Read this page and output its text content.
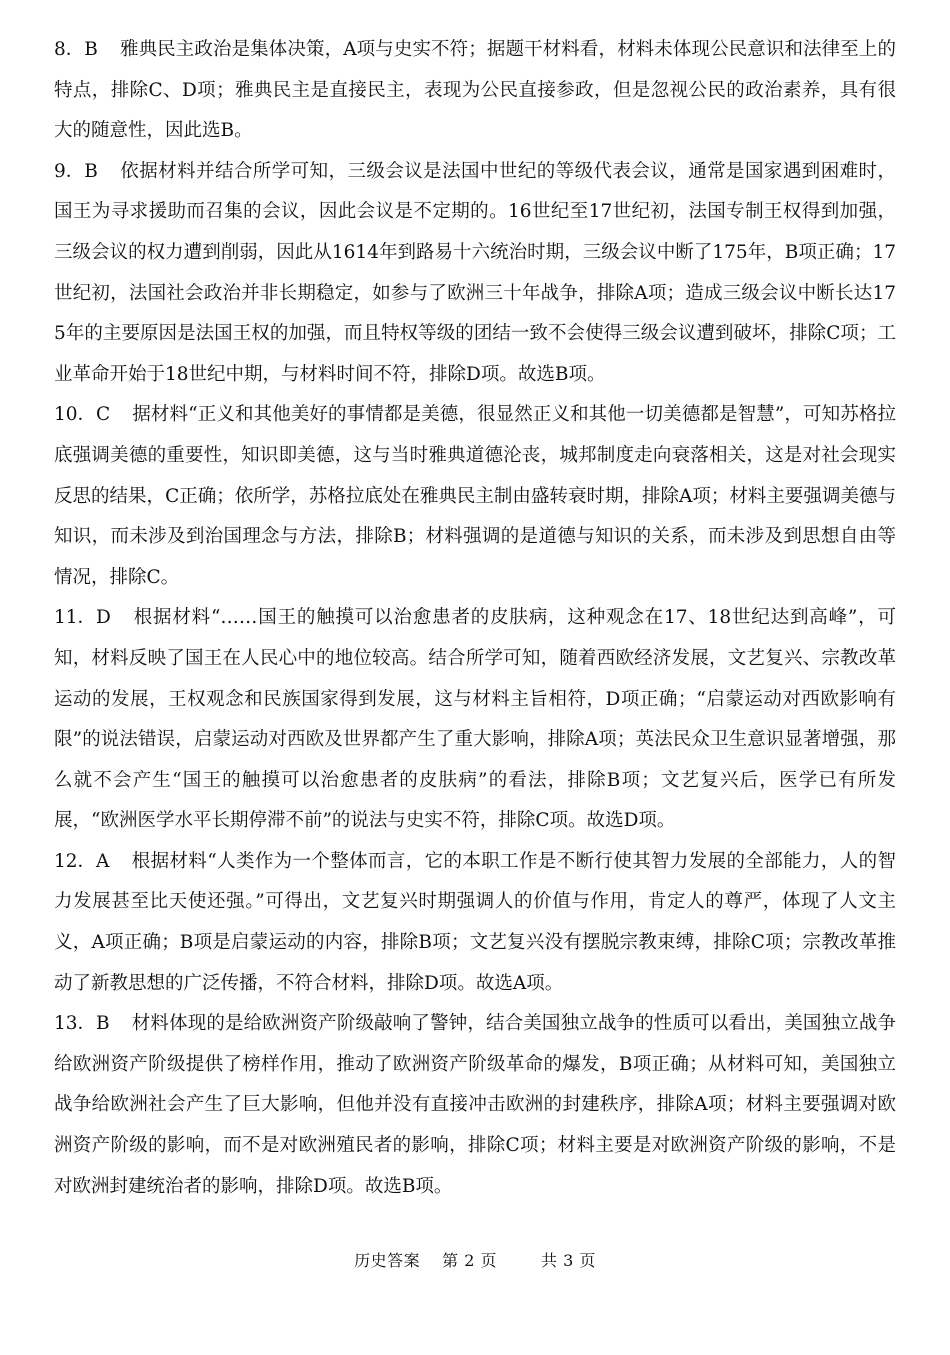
8．B 雅典民主政治是集体决策，A项与史实不符；据题干材料看，材料未体现公民意识和法律至上的特点，排除C、D项；雅典民主是直接民主，表现为公民直接参政，但是忽视公民的政治素养，具有很大的随意性，因此选B。

9．B 依据材料并结合所学可知，三级会议是法国中世纪的等级代表会议，通常是国家遇到困难时，国王为寻求援助而召集的会议，因此会议是不定期的。16世纪至17世纪初，法国专制王权得到加强，三级会议的权力遭到削弱，因此从1614年到路易十六统治时期，三级会议中断了175年，B项正确；17世纪初，法国社会政治并非长期稳定，如参与了欧洲三十年战争，排除A项；造成三级会议中断长达175年的主要原因是法国王权的加强，而且特权等级的团结一致不会使得三级会议遭到破坏，排除C项；工业革命开始于18世纪中期，与材料时间不符，排除D项。故选B项。

10．C 据材料“正义和其他美好的事情都是美德，很显然正义和其他一切美德都是智慧”，可知苏格拉底强调美德的重要性，知识即美德，这与当时雅典道德沦丧，城邦制度走向衰落相关，这是对社会现实反思的结果，C正确；依所学，苏格拉底处在雅典民主制由盛转衰时期，排除A项；材料主要强调美德与知识，而未涉及到治国理念与方法，排除B；材料强调的是道德与知识的关系，而未涉及到思想自由等情况，排除C。

11．D 根据材料“……国王的触摸可以治愈患者的皮肤病，这种观念在17、18世纪达到高峰”，可知，材料反映了国王在人民心中的地位较高。结合所学可知，随着西欧经济发展，文艺复兴、宗教改革运动的发展，王权观念和民族国家得到发展，这与材料主旨相符，D项正确；“启蒙运动对西欧影响有限”的说法错误，启蒙运动对西欧及世界都产生了重大影响，排除A项；英法民众卫生意识显著增强，那么就不会产生“国王的触摸可以治愈患者的皮肤病”的看法，排除B项；文艺复兴后，医学已有所发展，“欧洲医学水平长期停滞不前”的说法与史实不符，排除C项。故选D项。

12．A 根据材料“人类作为一个整体而言，它的本职工作是不断行使其智力发展的全部能力，人的智力发展甚至比天使还强。”可得出，文艺复兴时期强调人的价值与作用，肯定人的尊严，体现了人文主义，A项正确；B项是启蒙运动的内容，排除B项；文艺复兴没有摆脱宗教束缚，排除C项；宗教改革推动了新教思想的广泛传播，不符合材料，排除D项。故选A项。

13．B 材料体现的是给欧洲资产阶级敲响了警钟，结合美国独立战争的性质可以看出，美国独立战争给欧洲资产阶级提供了榜样作用，推动了欧洲资产阶级革命的爆发，B项正确；从材料可知，美国独立战争给欧洲社会产生了巨大影响，但他并没有直接冲击欧洲的封建秩序，排除A项；材料主要强调对欧洲资产阶级的影响，而不是对欧洲殖民者的影响，排除C项；材料主要是对欧洲资产阶级的影响，不是对欧洲封建统治者的影响，排除D项。故选B项。

历史答案 第 2 页	共 3 页
